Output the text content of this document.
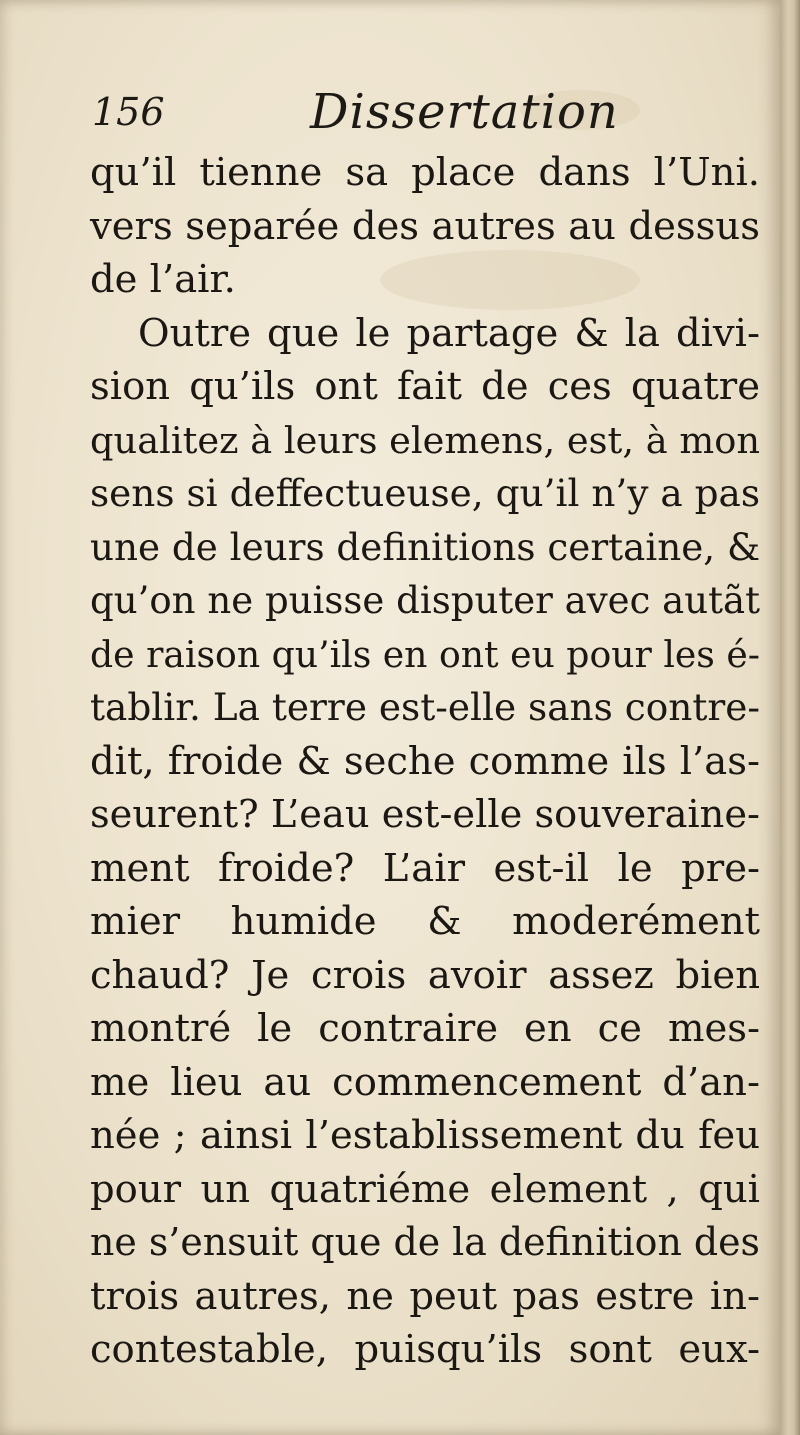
156	Dissertation
qu’il tienne sa place dans l’Uni.
vers separée des autres au dessus
de l’air.
Outre que le partage & la divi-
sion qu’ils ont fait de ces quatre
qualitez à leurs elemens, est, à mon
sens si deffectueuse, qu’il n’y a pas
une de leurs definitions certaine, &
qu’on ne puisse disputer avec autãt
de raison qu’ils en ont eu pour les é-
tablir. La terre est-elle sans contre-
dit, froide & seche comme ils l’as-
seurent? L’eau est-elle souveraine-
ment froide? L’air est-il le pre-
mier humide & moderément
chaud? Je crois avoir assez bien
montré le contraire en ce mes-
me lieu au commencement d’an-
née ; ainsi l’establissement du feu
pour un quatriéme element , qui
ne s’ensuit que de la definition des
trois autres, ne peut pas estre in-
contestable, puisqu’ils sont eux-
